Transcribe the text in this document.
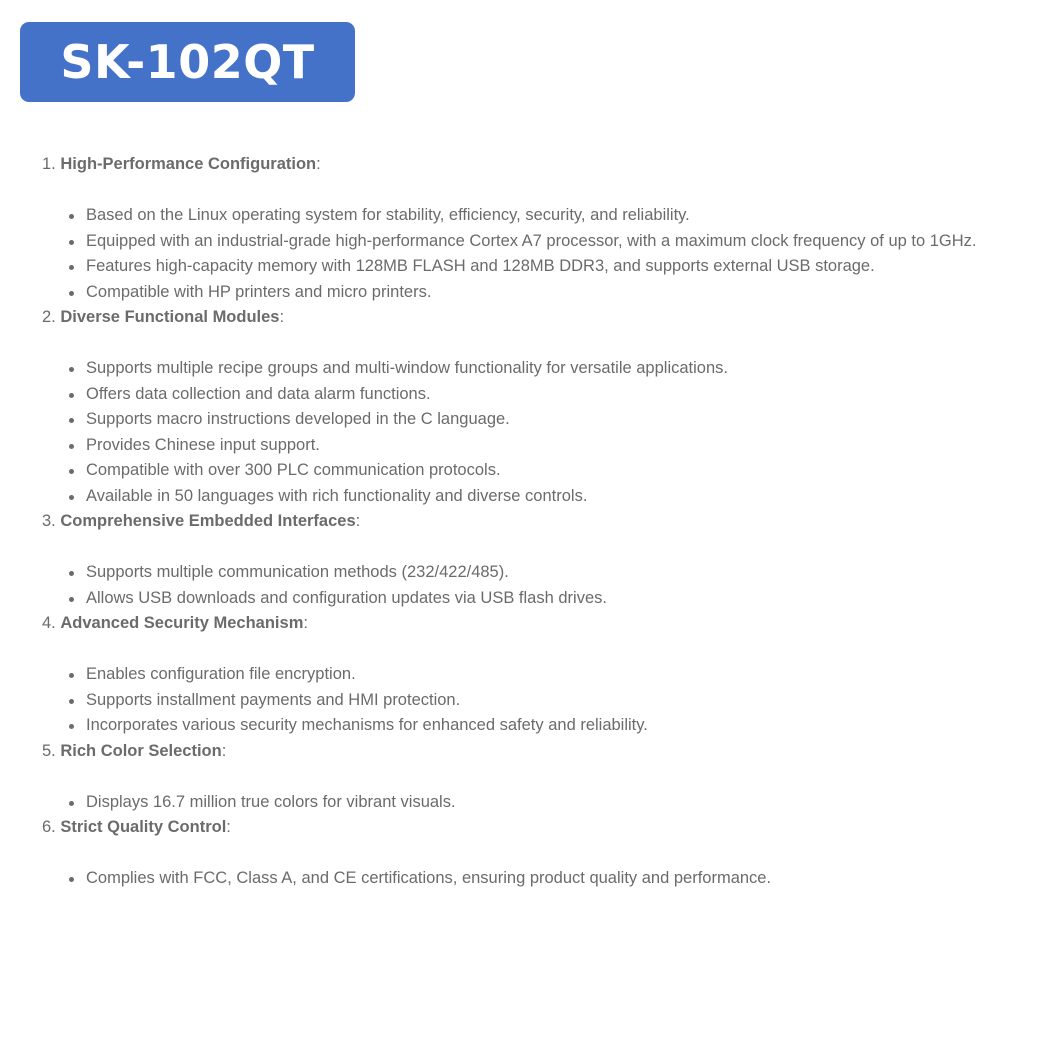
SK-102QT
1. High-Performance Configuration:
Based on the Linux operating system for stability, efficiency, security, and reliability.
Equipped with an industrial-grade high-performance Cortex A7 processor, with a maximum clock frequency of up to 1GHz.
Features high-capacity memory with 128MB FLASH and 128MB DDR3, and supports external USB storage.
Compatible with HP printers and micro printers.
2. Diverse Functional Modules:
Supports multiple recipe groups and multi-window functionality for versatile applications.
Offers data collection and data alarm functions.
Supports macro instructions developed in the C language.
Provides Chinese input support.
Compatible with over 300 PLC communication protocols.
Available in 50 languages with rich functionality and diverse controls.
3. Comprehensive Embedded Interfaces:
Supports multiple communication methods (232/422/485).
Allows USB downloads and configuration updates via USB flash drives.
4. Advanced Security Mechanism:
Enables configuration file encryption.
Supports installment payments and HMI protection.
Incorporates various security mechanisms for enhanced safety and reliability.
5. Rich Color Selection:
Displays 16.7 million true colors for vibrant visuals.
6. Strict Quality Control:
Complies with FCC, Class A, and CE certifications, ensuring product quality and performance.
